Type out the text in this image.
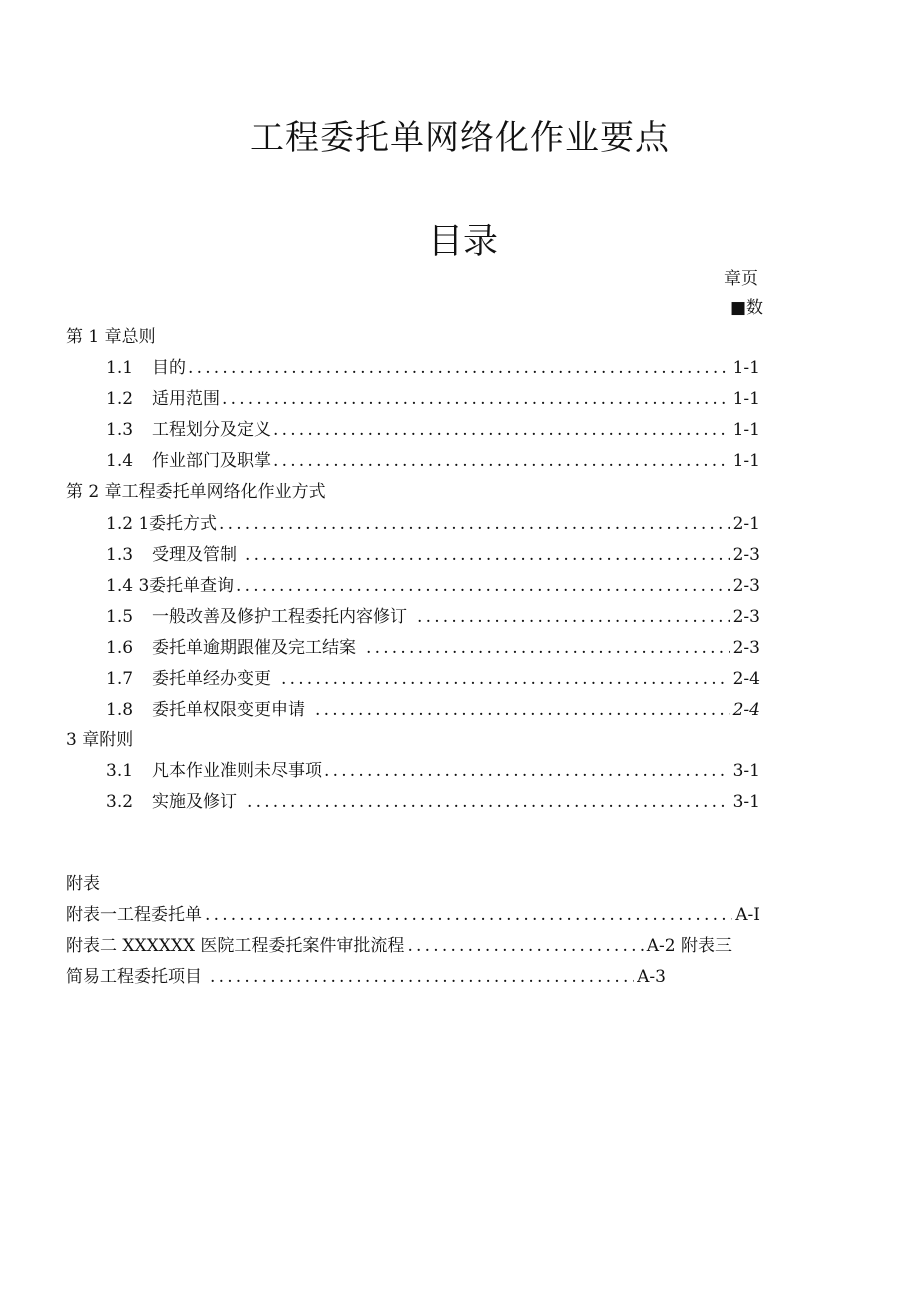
工程委托单网络化作业要点
目录
章页
■数
第 1 章总则
1.1	目的 .....	1-1
1.2	适用范围 .....	1-1
1.3	工程划分及定义 .....	1-1
1.4	作业部门及职掌 .....	1-1
第 2 章工程委托单网络化作业方式
1.2 1 委托方式 .....	2-1
1.3	受理及管制 .....	2-3
1.4 3 委托单查询 .....	2-3
1.5	一般改善及修护工程委托内容修订 .....	2-3
1.6	委托单逾期跟催及完工结案 .....	2-3
1.7	委托单经办变更 .....	2-4
1.8	委托单权限变更申请 .....	2-4
3 章附则
3.1	凡本作业准则未尽事项 .....	3-1
3.2	实施及修订 .....	3-1
附表
附表一工程委托单 .....	A-I
附表二 XXXXXX 医院工程委托案件审批流程 .....	A-2 附表三
简易工程委托项目 .....	A-3
